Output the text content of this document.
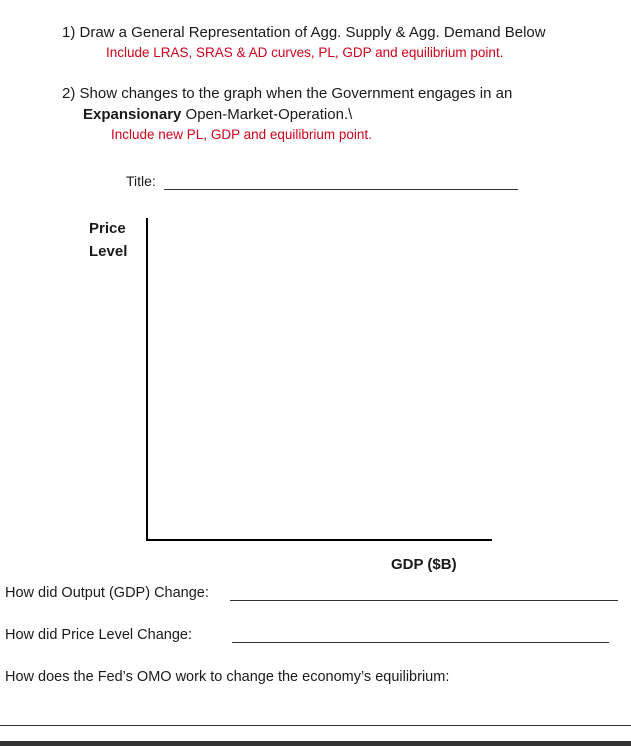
1) Draw a General Representation of Agg. Supply & Agg. Demand Below
Include LRAS, SRAS & AD curves, PL, GDP and equilibrium point.
2) Show changes to the graph when the Government engages in an
Expansionary Open-Market-Operation.\
Include new PL, GDP and equilibrium point.
Title:
Price
Level
GDP ($B)
How did Output (GDP) Change:
How did Price Level Change:
How does the Fed’s OMO work to change the economy’s equilibrium:
